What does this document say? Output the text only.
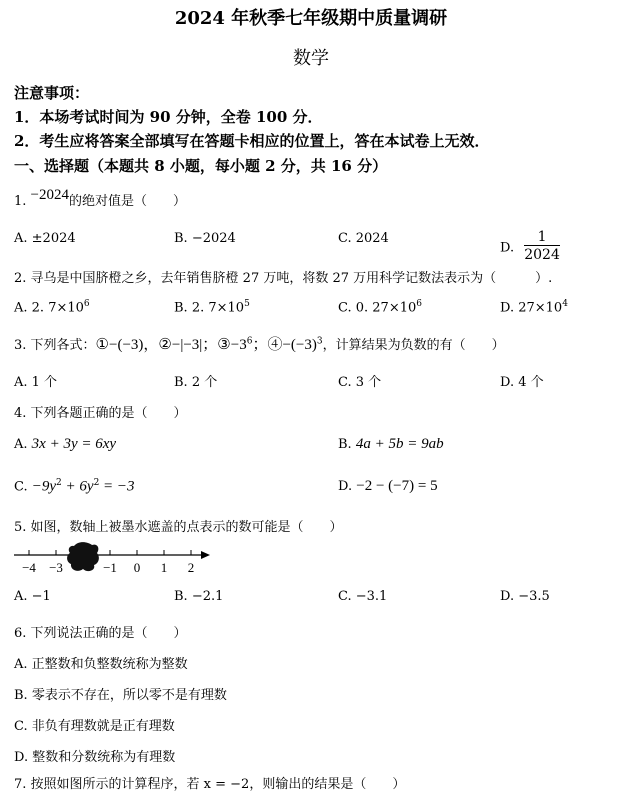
2024 年秋季七年级期中质量调研
数学
注意事项：
1．本场考试时间为 90 分钟，全卷 100 分．
2．考生应将答案全部填写在答题卡相应的位置上，答在本试卷上无效．
一、选择题（本题共 8 小题，每小题 2 分，共 16 分）
1. −2024的绝对值是（　　）
A. ±2024	B. −2024	C. 2024
D. $\frac{1}{2024}$
2. 寻乌是中国脐橙之乡，去年销售脐橙 27 万吨，将数 27 万用科学记数法表示为（　　　）.
A. 2. $7\times 10^6$	B. 2. $7\times 10^5$	C. 0. $27\times 10^6$	D. $27\times 10^4$
3. 下列各式：①−(−3)，②−|−3|；$③-3^6$；$④-(-3)^3$，计算结果为负数的有（　　）
A. 1 个	B. 2 个	C. 3 个	D. 4 个
4. 下列各题正确的是（　　）
A. 3x + 3y = 6xy	B. 4a + 5b = 9ab
C. $-9y^2 + 6y^2 = -3$	D. −2 − (−7) = 5
5. 如图，数轴上被墨水遮盖的点表示的数可能是（　　）
−4 −3	−1 0 1 2
A. −1	B. −2.1	C. −3.1	D. −3.5
6. 下列说法正确的是（　　）
A. 正整数和负整数统称为整数
B. 零表示不存在，所以零不是有理数
C. 非负有理数就是正有理数
D. 整数和分数统称为有理数
7. 按照如图所示的计算程序，若 x = −2，则输出的结果是（　　）
